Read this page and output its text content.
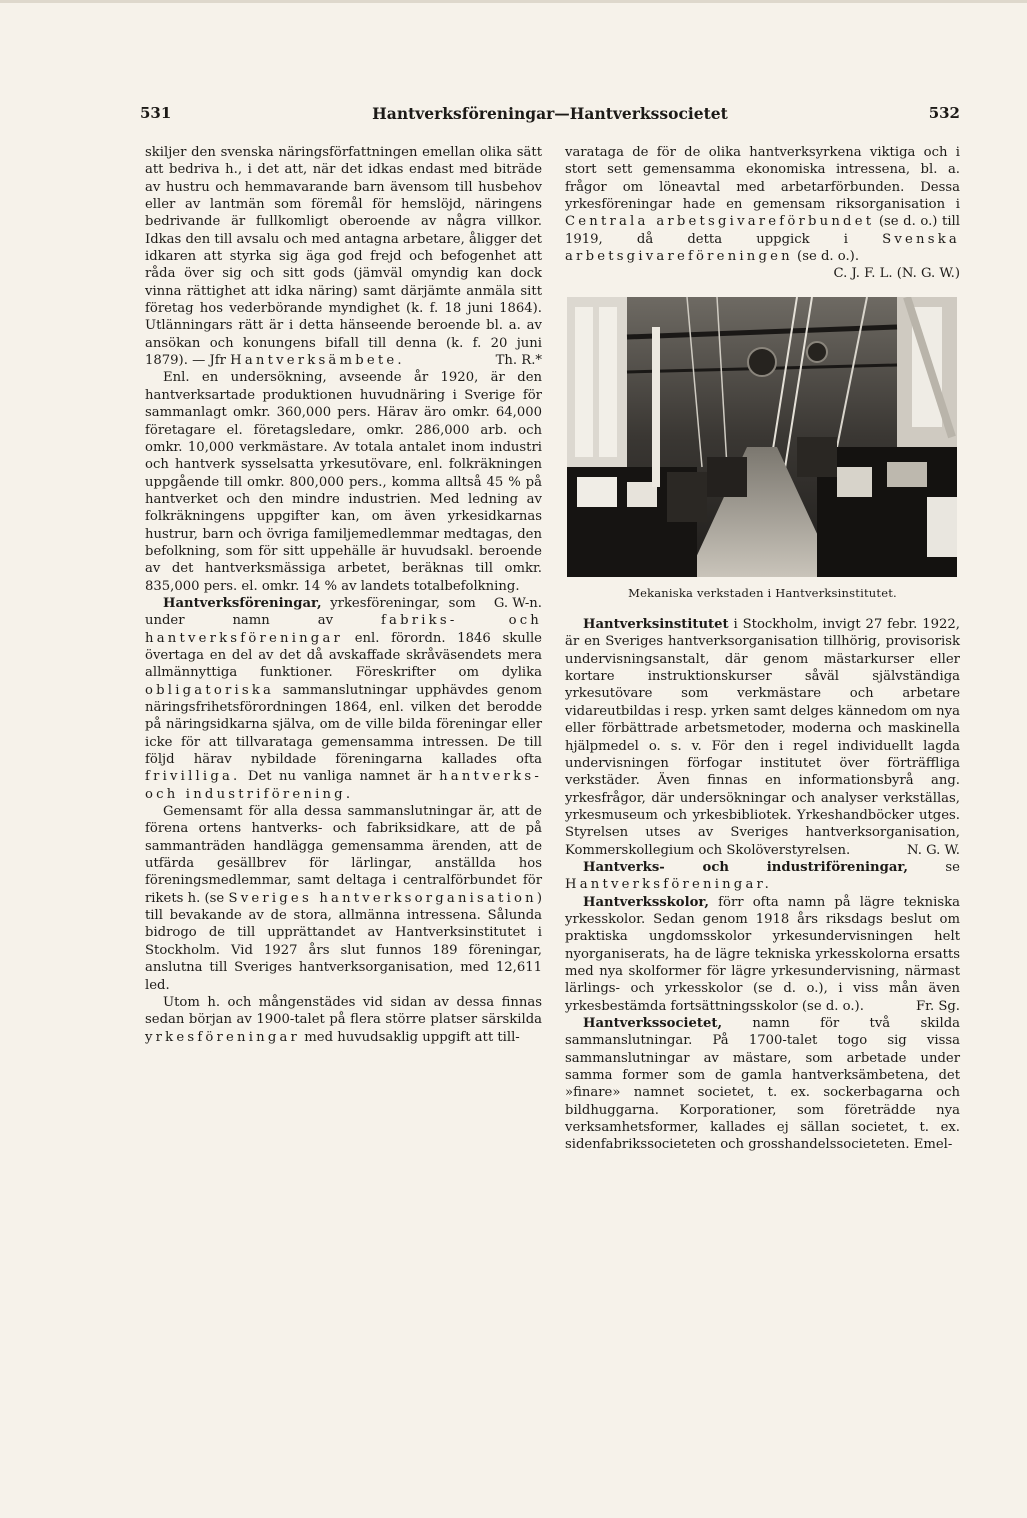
531	Hantverksföreningar—Hantverkssocietet	532

skiljer den svenska näringsförfattningen emellan olika sätt att bedriva h., i det att, när det idkas endast med biträde av hustru och hemmavarande barn ävensom till husbehov eller av lantmän som föremål för hemslöjd, näringens bedrivande är fullkomligt oberoende av några villkor. Idkas den till avsalu och med antagna arbetare, åligger det idkaren att styrka sig äga god frejd och befogenhet att råda över sig och sitt gods (jämväl omyndig kan dock vinna rättighet att idka näring) samt därjämte anmäla sitt företag hos vederbörande myndighet (k. f. 18 juni 1864). Utlänningars rätt är i detta hänseende beroende bl. a. av ansökan och konungens bifall till denna (k. f. 20 juni 1879). — Jfr Hantverksämbete.	Th. R.*

Enl. en undersökning, avseende år 1920, är den hantverksartade produktionen huvudnäring i Sverige för sammanlagt omkr. 360,000 pers. Härav äro omkr. 64,000 företagare el. företagsledare, omkr. 286,000 arb. och omkr. 10,000 verkmästare. Av totala antalet inom industri och hantverk sysselsatta yrkesutövare, enl. folkräkningen uppgående till omkr. 800,000 pers., komma alltså 45 % på hantverket och den mindre industrien. Med ledning av folkräkningens uppgifter kan, om även yrkesidkarnas hustrur, barn och övriga familjemedlemmar medtagas, den befolkning, som för sitt uppehälle är huvudsakl. beroende av det hantverksmässiga arbetet, beräknas till omkr. 835,000 pers. el. omkr. 14 % av landets totalbefolkning.
G. W-n.

Hantverksföreningar, yrkesföreningar, som under namn av	fabriks- och hantverksföreningar enl. förordn. 1846 skulle övertaga en del av det då avskaffade skråväsendets mera allmännyttiga funktioner. Föreskrifter om dylika obligatoriska sammanslutningar upphävdes genom näringsfrihetsförordningen 1864, enl. vilken det berodde på näringsidkarna själva, om de ville bilda föreningar eller icke för att tillvaratagа gemensamma intressen. De till följd härav nybildade föreningarna kallades ofta frivilliga. Det nu vanliga namnet är hantverks- och industriförening.

Gemensamt för alla dessa sammanslutningar är, att de förena ortens hantverks- och fabriksidkare, att de på sammanträden handlägga gemensamma ärenden, att de utfärda gesällbrev för lärlingar, anställda hos föreningsmedlemmar, samt deltaga i centralförbundet för rikets h. (se Sveriges hantverksorganisation) till bevakande av de stora, allmänna intressena. Sålunda bidrogo de till upprättandet av Hantverksinstitutet i Stockholm. Vid 1927 års slut funnos 189 föreningar, anslutna till Sveriges hantverksorganisation, med 12,611 led.

Utom h. och mångenstädes vid sidan av dessa finnas sedan början av 1900-talet på flera större platser särskilda yrkesföreningar med huvudsaklig uppgift att till-

varataga de för de olika hantverksyrkena viktiga och i stort sett gemensamma ekonomiska intressena, bl. a. frågor om löneavtal med arbetarförbunden. Dessa yrkesföreningar hade en gemensam riksorganisation i Centrala arbetsgivareförbundet (se d. o.) till 1919, då detta uppgick i	Svenska arbetsgivareföreningen (se d. o.).
C. J. F. L. (N. G. W.)

Mekaniska verkstaden i Hantverksinstitutet.

Hantverksinstitutet i Stockholm, invigt 27 febr. 1922, är en Sveriges hantverksorganisation tillhörig, provisorisk undervisningsanstalt, där genom mästarkurser eller kortare instruktionskurser såväl självständiga yrkesutövare som verkmästare och arbetare vidareutbildas i resp. yrken samt delges kännedom om nya eller förbättrade arbetsmetoder, moderna och maskinella hjälpmedel o. s. v. För den i regel individuellt lagda undervisningen förfogar institutet över förträffliga verkstäder. Även finnas en informationsbyrå ang. yrkesfrågor, där undersökningar och analyser verkställas, yrkesmuseum och yrkesbibliotek. Yrkeshandböcker utges. Styrelsen utses av Sveriges hantverksorganisation, Kommerskollegium och Skolöverstyrelsen.	N. G. W.

Hantverks- och industriföreningar,	se Hantverksföreningar.

Hantverksskolor, förr ofta namn på lägre tekniska yrkesskolor. Sedan genom 1918 års riksdags beslut om praktiska ungdomsskolor yrkesundervisningen helt nyorganiserats, ha de lägre tekniska yrkesskolorna ersatts med nya skolformer för lägre yrkesundervisning, närmast lärlings- och yrkesskolor (se d. o.), i viss mån även yrkesbestämda fortsättningsskolor (se d. o.).	Fr. Sg.

Hantverkssocietet, namn för två skilda sammanslutningar. På 1700-talet togo sig vissa sammanslutningar av mästare, som arbetade under samma former som de gamla hantverksämbetena, det »finare» namnet societet, t. ex. sockerbagarna och bildhuggarna. Korporationer, som företrädde nya verksamhetsformer, kallades ej sällan societet, t. ex. sidenfabrikssocieteten och grosshandelssocieteten. Emel-
